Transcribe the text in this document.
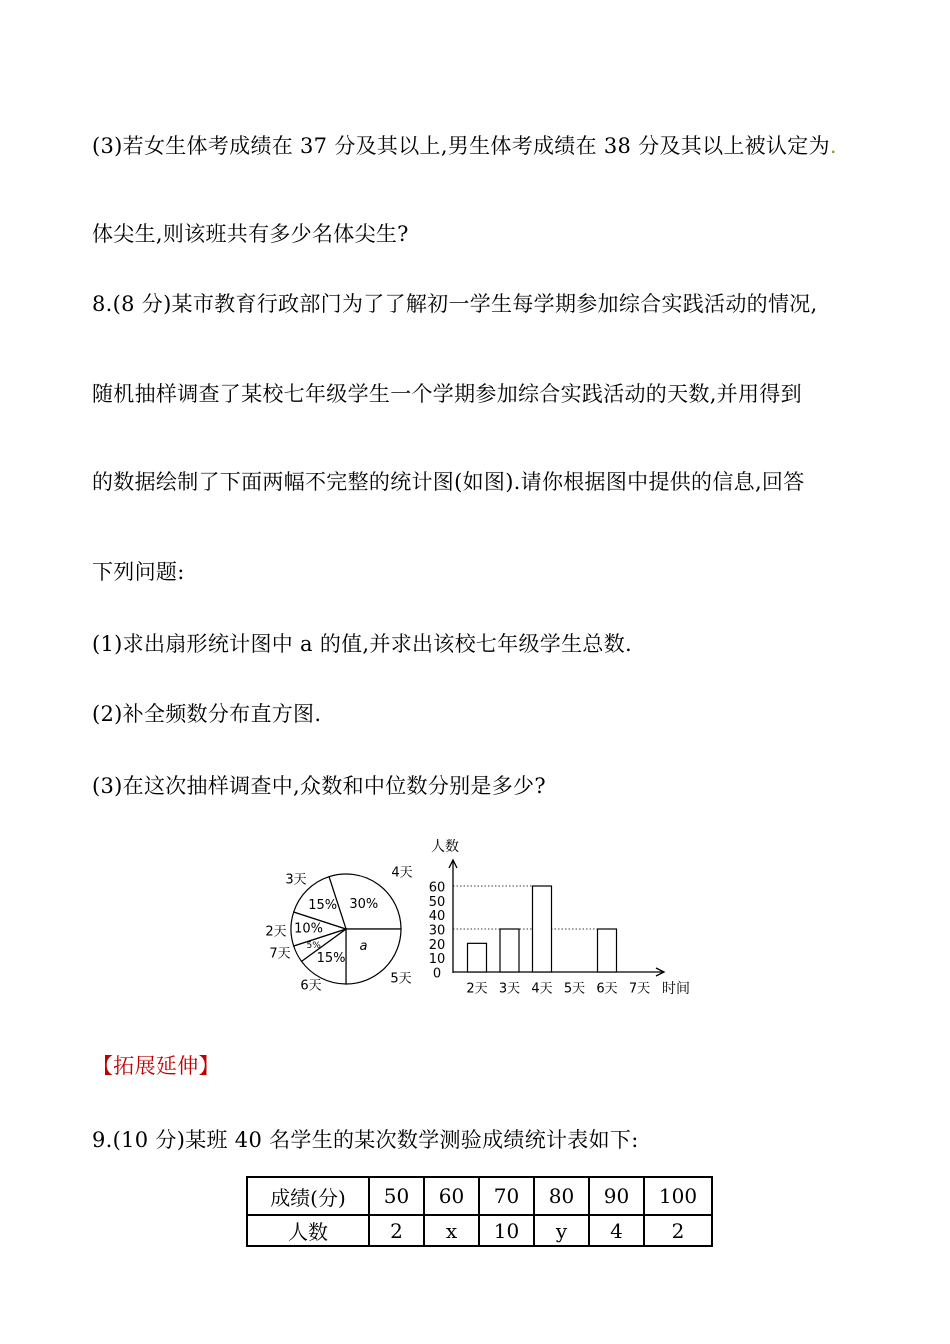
(3)若女生体考成绩在 37 分及其以上,男生体考成绩在 38 分及其以上被认定为.
体尖生,则该班共有多少名体尖生?
8.(8 分)某市教育行政部门为了了解初一学生每学期参加综合实践活动的情况,
随机抽样调查了某校七年级学生一个学期参加综合实践活动的天数,并用得到
的数据绘制了下面两幅不完整的统计图(如图).请你根据图中提供的信息,回答
下列问题:
(1)求出扇形统计图中 a 的值,并求出该校七年级学生总数.
(2)补全频数分布直方图.
(3)在这次抽样调查中,众数和中位数分别是多少?
30%
4天
a
5天
15%
6天
5%
7天
10%
2天
15%
3天
人数
时间
0
10
20
30
40
50
60
2天 3天 4天 5天 6天 7天
【拓展延伸】
9.(10 分)某班 40 名学生的某次数学测验成绩统计表如下:
成绩(分)	50	60	70	80	90	100
人数	2	x	10	y	4	2
